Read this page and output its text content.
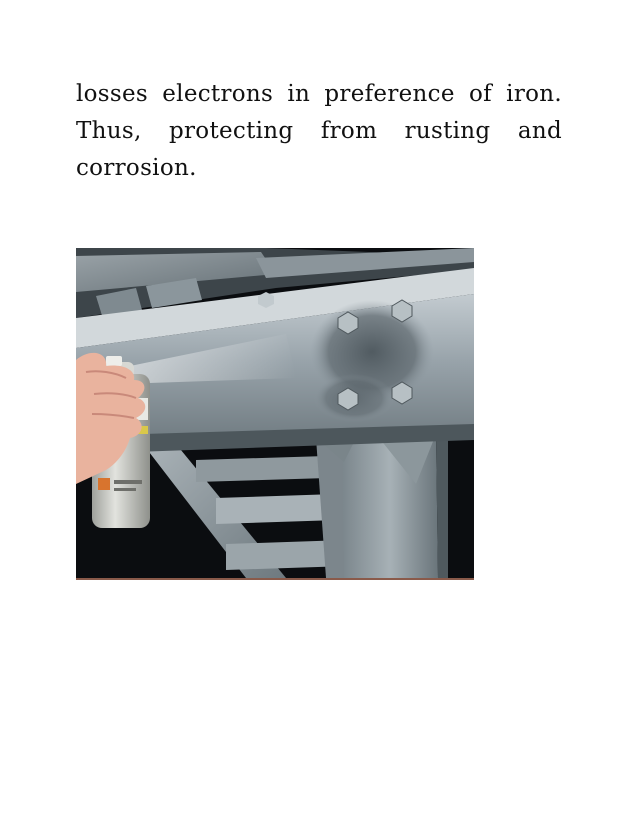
losses electrons in preference of iron.
Thus, protecting from rusting and
corrosion.
